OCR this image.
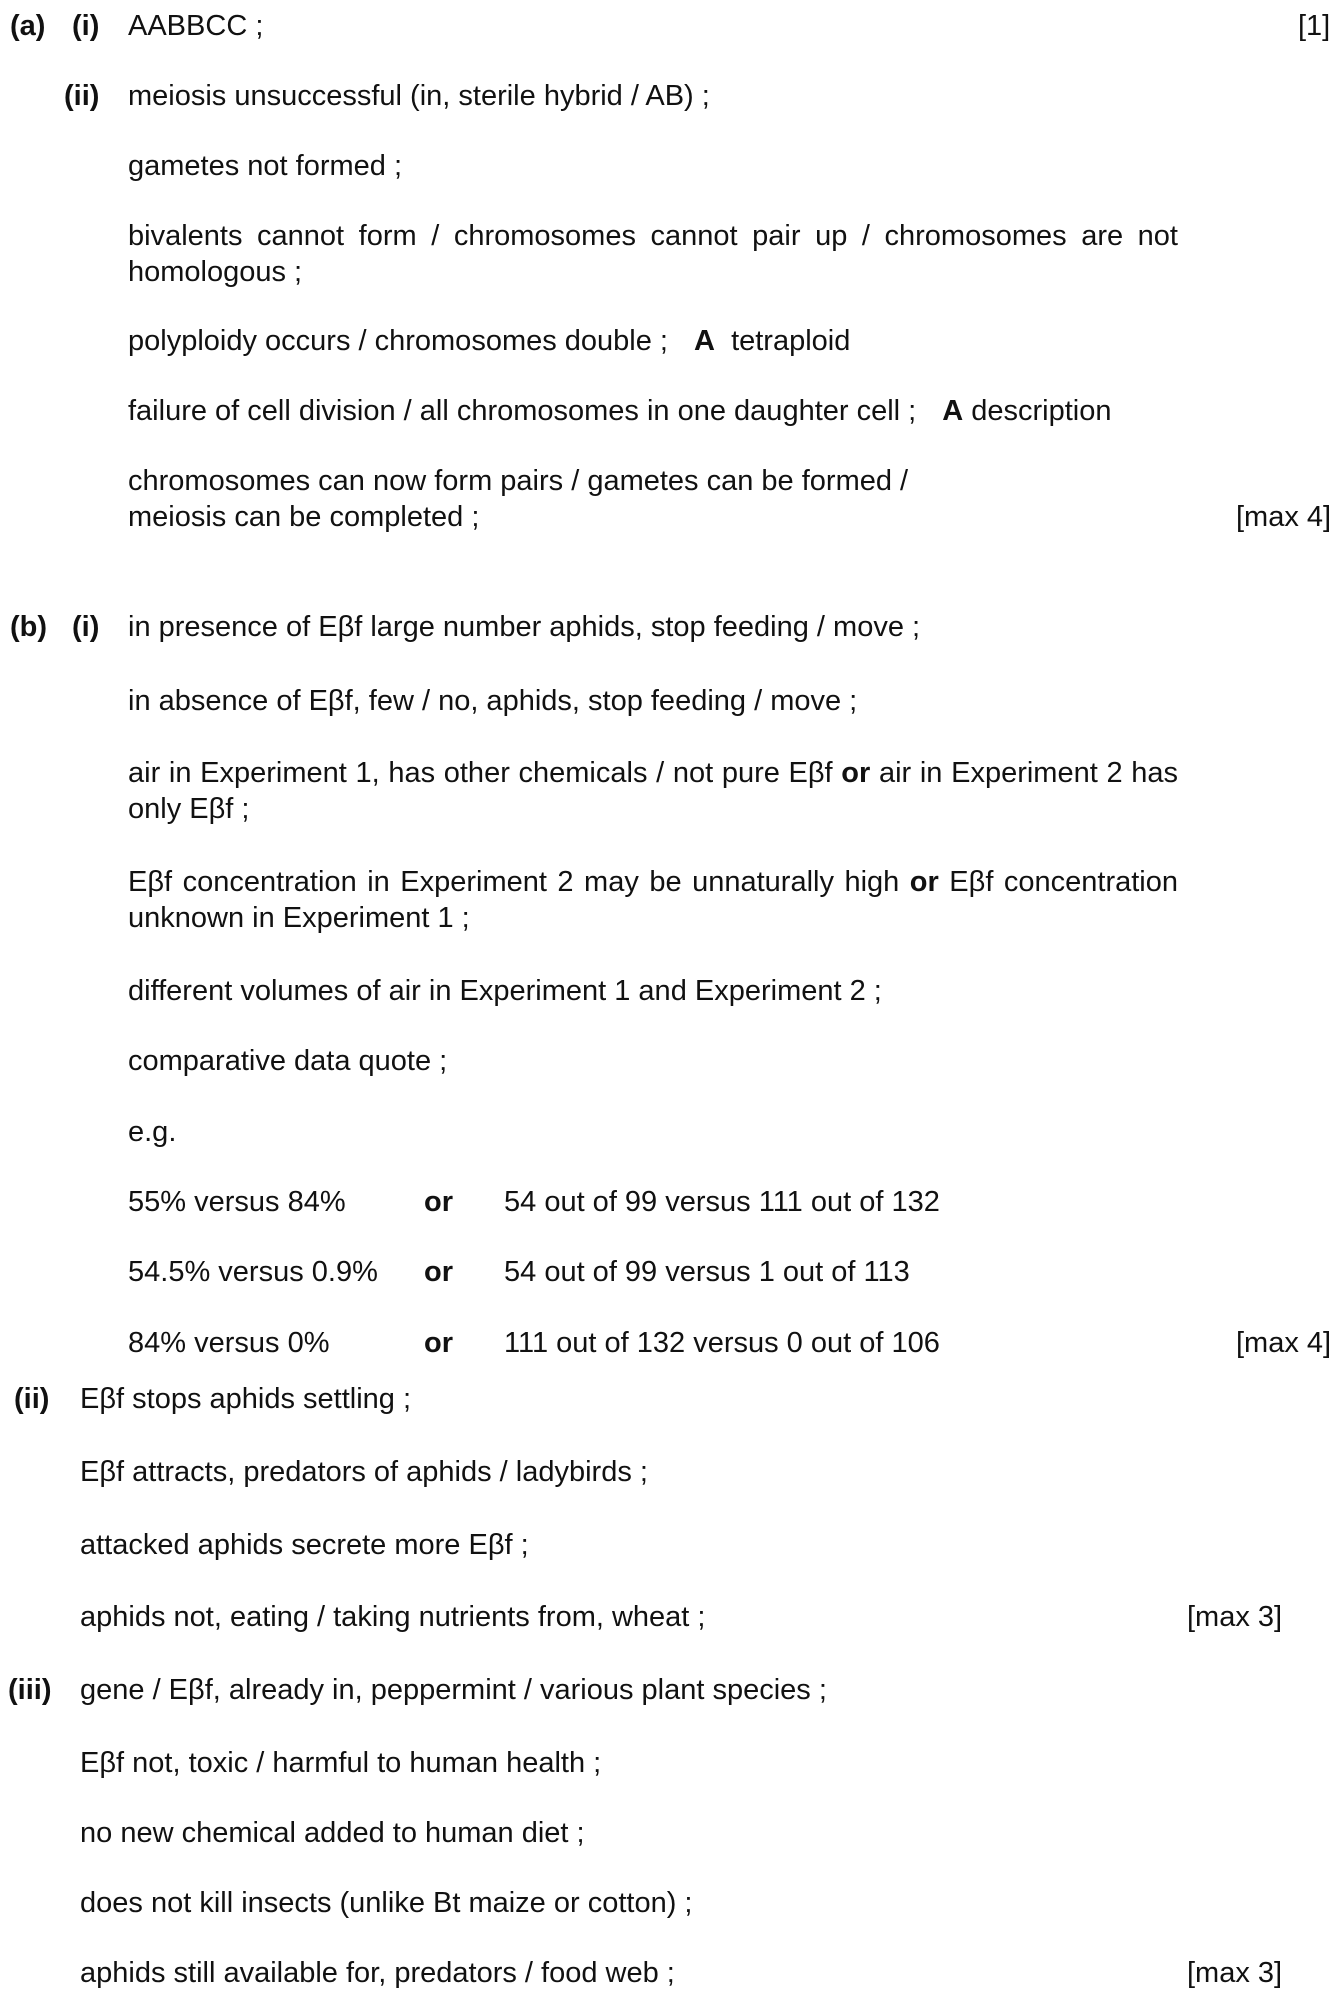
(a) (i) AABBCC ;	[1]
(ii) meiosis unsuccessful (in, sterile hybrid / AB) ;
gametes not formed ;
bivalents cannot form / chromosomes cannot pair up / chromosomes are not homologous ;
polyploidy occurs / chromosomes double ; A tetraploid
failure of cell division / all chromosomes in one daughter cell ; A description
chromosomes can now form pairs / gametes can be formed /
meiosis can be completed ;	[max 4]
(b) (i) in presence of Eβf large number aphids, stop feeding / move ;
in absence of Eβf, few / no, aphids, stop feeding / move ;
air in Experiment 1, has other chemicals / not pure Eβf or air in Experiment 2 has only Eβf ;
Eβf concentration in Experiment 2 may be unnaturally high or Eβf concentration unknown in Experiment 1 ;
different volumes of air in Experiment 1 and Experiment 2 ;
comparative data quote ;
e.g.
55% versus 84%	or 54 out of 99 versus 111 out of 132
54.5% versus 0.9% or 54 out of 99 versus 1 out of 113
84% versus 0%	or 111 out of 132 versus 0 out of 106	[max 4]
(ii) Eβf stops aphids settling ;
Eβf attracts, predators of aphids / ladybirds ;
attacked aphids secrete more Eβf ;
aphids not, eating / taking nutrients from, wheat ;	[max 3]
(iii) gene / Eβf, already in, peppermint / various plant species ;
Eβf not, toxic / harmful to human health ;
no new chemical added to human diet ;
does not kill insects (unlike Bt maize or cotton) ;
aphids still available for, predators / food web ;	[max 3]
